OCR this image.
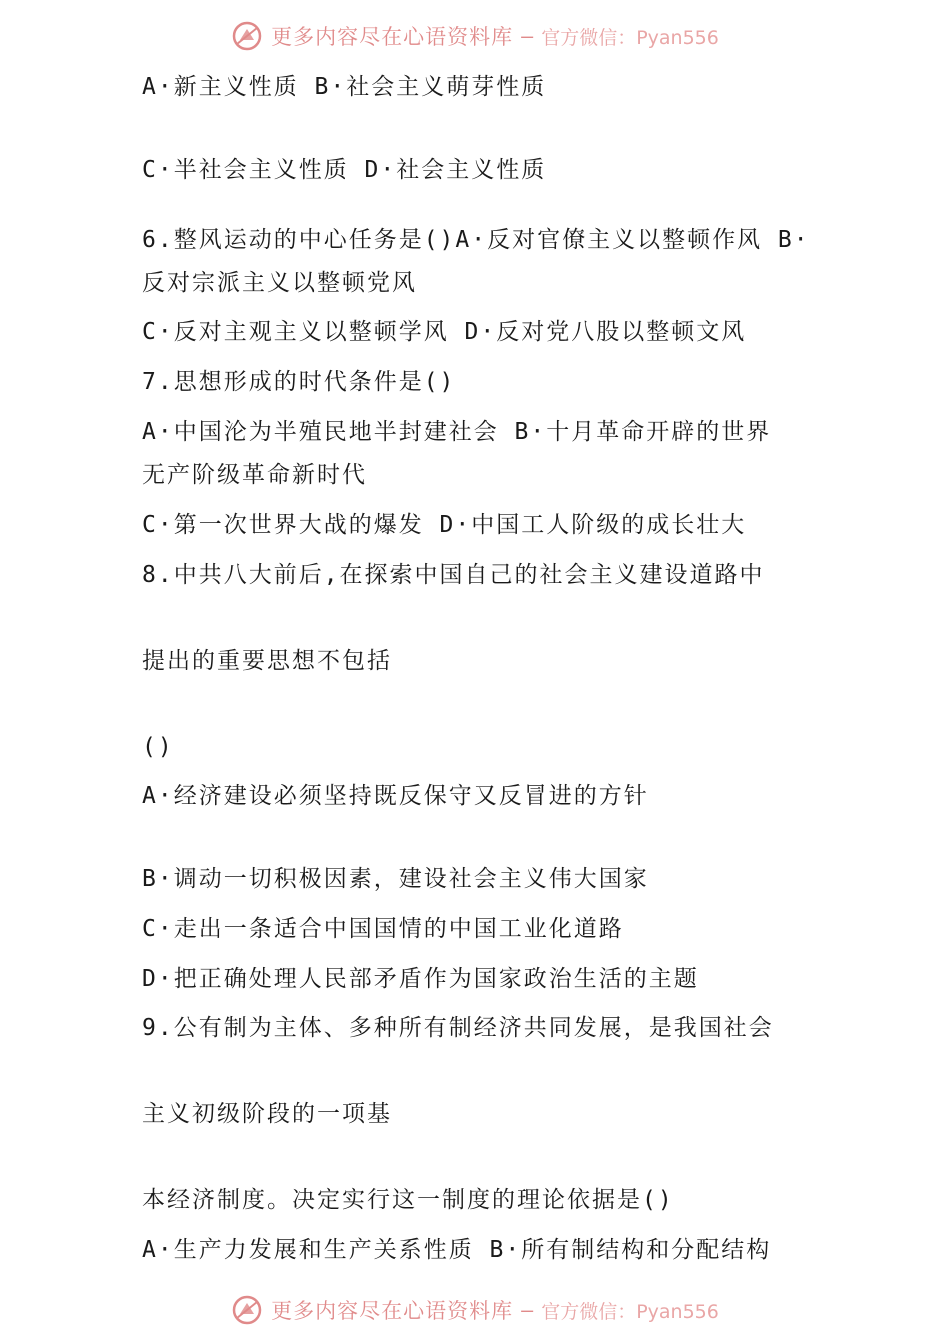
更多内容尽在心语资料库 — 官方微信：Pyan556
A·新主义性质 B·社会主义萌芽性质
C·半社会主义性质 D·社会主义性质
6.整风运动的中心任务是()A·反对官僚主义以整顿作风 B·
反对宗派主义以整顿党风
C·反对主观主义以整顿学风 D·反对党八股以整顿文风
7.思想形成的时代条件是()
A·中国沦为半殖民地半封建社会 B·十月革命开辟的世界
无产阶级革命新时代
C·第一次世界大战的爆发 D·中国工人阶级的成长壮大
8.中共八大前后,在探索中国自己的社会主义建设道路中
提出的重要思想不包括
()
A·经济建设必须坚持既反保守又反冒进的方针
B·调动一切积极因素，建设社会主义伟大国家
C·走出一条适合中国国情的中国工业化道路
D·把正确处理人民部矛盾作为国家政治生活的主题
9.公有制为主体、多种所有制经济共同发展，是我国社会
主义初级阶段的一项基
本经济制度。决定实行这一制度的理论依据是()
A·生产力发展和生产关系性质 B·所有制结构和分配结构
更多内容尽在心语资料库 — 官方微信：Pyan556
